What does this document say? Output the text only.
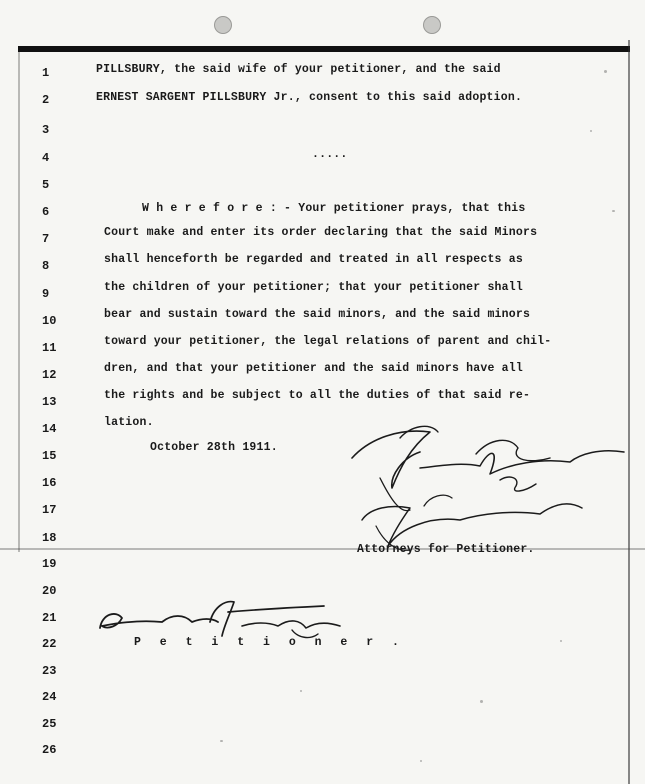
1
2
3
4
5
6
7
8
9
10
11
12
13
14
15
16
17
18
19
20
21
22
23
24
25
26
PILLSBURY, the said wife of your petitioner, and the said
ERNEST SARGENT PILLSBURY Jr., consent to this said adoption.
.....
W h e r e f o r e : - Your petitioner prays, that this
Court make and enter its order declaring that the said Minors
shall henceforth be regarded and treated in all respects as
the children of your petitioner; that your petitioner shall
bear and sustain toward the said minors, and the said minors
toward your petitioner, the legal relations of parent and chil-
dren, and that your petitioner and the said minors have all
the rights and be subject to all the duties of that said re-
lation.
October 28th 1911.
Attorneys for Petitioner.
P e t i t i o n e r .
